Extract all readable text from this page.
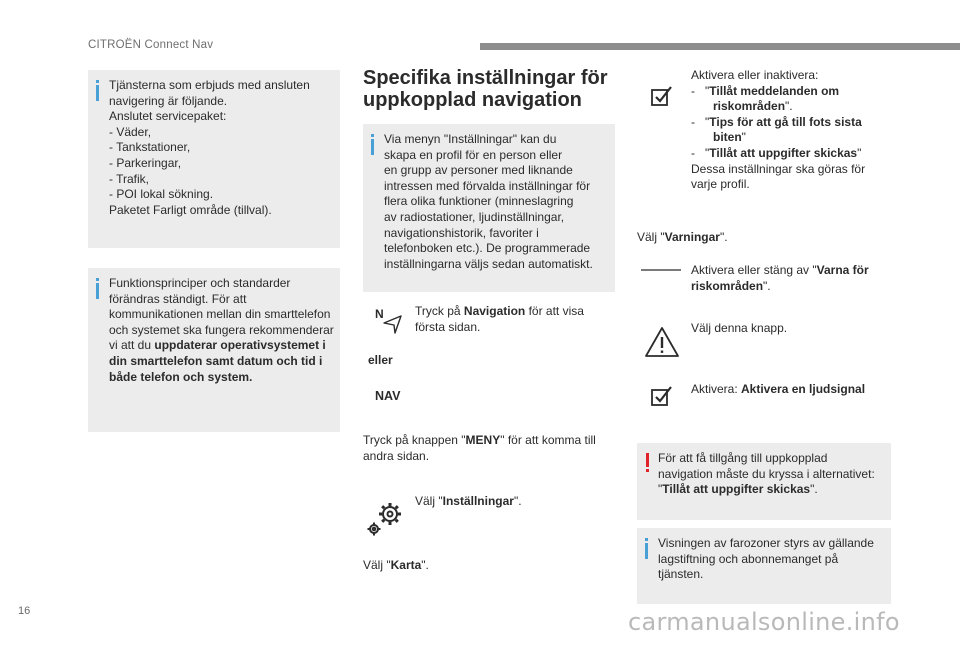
CITROËN Connect Nav
Tjänsterna som erbjuds med ansluten
navigering är följande.
Anslutet servicepaket:
- Väder,
- Tankstationer,
- Parkeringar,
- Trafik,
- POI lokal sökning.
Paketet Farligt område (tillval).
Funktionsprinciper och standarder
förändras ständigt. För att
kommunikationen mellan din smarttelefon
och systemet ska fungera rekommenderar
vi att du uppdaterar operativsystemet i
din smarttelefon samt datum och tid i
både telefon och system.
Specifika inställningar för
uppkopplad navigation
Via menyn "Inställningar" kan du
skapa en profil för en person eller
en grupp av personer med liknande
intressen med förvalda inställningar för
flera olika funktioner (minneslagring
av radiostationer, ljudinställningar,
navigationshistorik, favoriter i
telefonboken etc.). De programmerade
inställningarna väljs sedan automatiskt.
N	Tryck på Navigation för att visa
första sidan.
eller
NAV
Tryck på knappen "MENY" för att komma till
andra sidan.
Välj "Inställningar".
Välj "Karta".
Aktivera eller inaktivera:
- "Tillåt meddelanden om
riskområden".
- "Tips för att gå till fots sista
biten"
- "Tillåt att uppgifter skickas"
Dessa inställningar ska göras för
varje profil.
Välj "Varningar".
Aktivera eller stäng av "Varna för
riskområden".
Välj denna knapp.
Aktivera: Aktivera en ljudsignal
För att få tillgång till uppkopplad
navigation måste du kryssa i alternativet:
"Tillåt att uppgifter skickas".
Visningen av farozoner styrs av gällande
lagstiftning och abonnemanget på
tjänsten.
16	carmanualsonline.info
